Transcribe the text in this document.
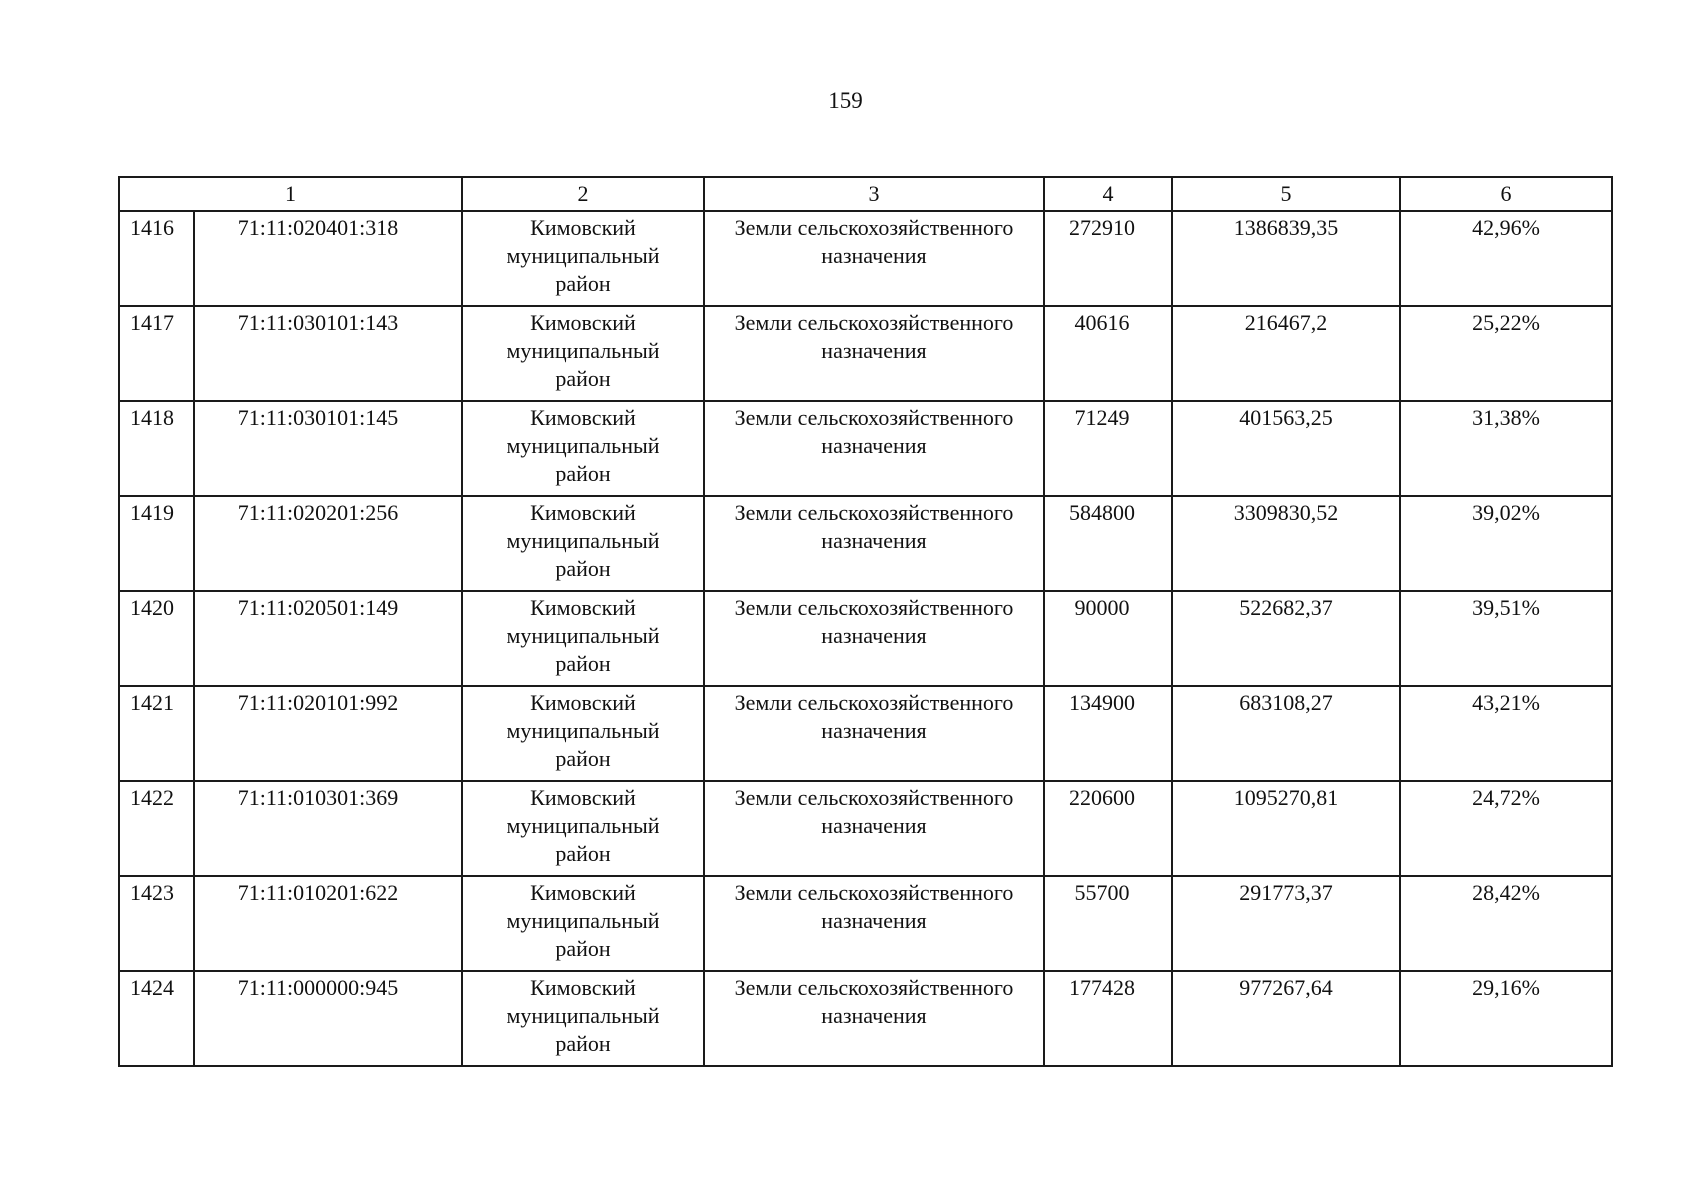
159
1		2	3	4	5	6
1416	71:11:020401:318	Кимовский
муниципальный
район	Земли сельскохозяйственного
назначения	272910	1386839,35	42,96%
1417	71:11:030101:143	Кимовский
муниципальный
район	Земли сельскохозяйственного
назначения	40616	216467,2	25,22%
1418	71:11:030101:145	Кимовский
муниципальный
район	Земли сельскохозяйственного
назначения	71249	401563,25	31,38%
1419	71:11:020201:256	Кимовский
муниципальный
район	Земли сельскохозяйственного
назначения	584800	3309830,52	39,02%
1420	71:11:020501:149	Кимовский
муниципальный
район	Земли сельскохозяйственного
назначения	90000	522682,37	39,51%
1421	71:11:020101:992	Кимовский
муниципальный
район	Земли сельскохозяйственного
назначения	134900	683108,27	43,21%
1422	71:11:010301:369	Кимовский
муниципальный
район	Земли сельскохозяйственного
назначения	220600	1095270,81	24,72%
1423	71:11:010201:622	Кимовский
муниципальный
район	Земли сельскохозяйственного
назначения	55700	291773,37	28,42%
1424	71:11:000000:945	Кимовский
муниципальный
район	Земли сельскохозяйственного
назначения	177428	977267,64	29,16%
